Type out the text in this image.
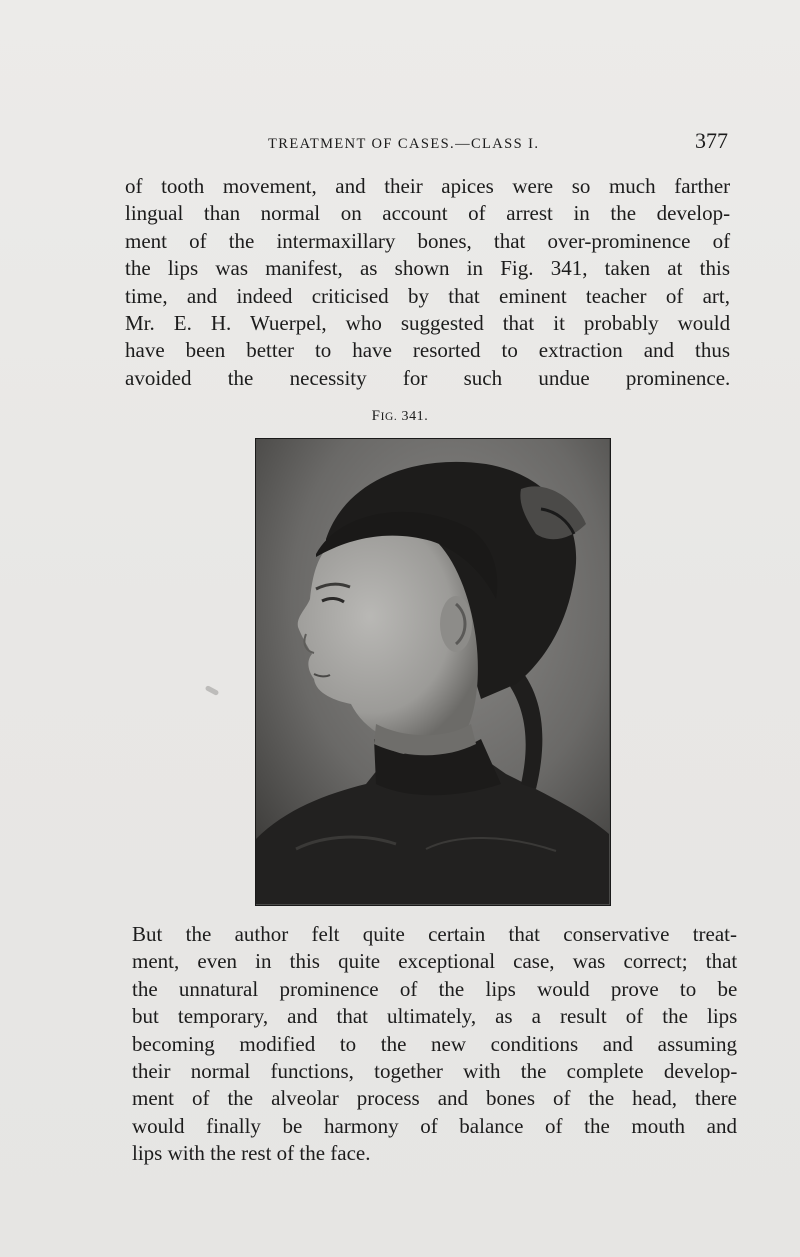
TREATMENT OF CASES.—CLASS I.	377

of tooth movement, and their apices were so much farther
lingual than normal on account of arrest in the develop-
ment of the intermaxillary bones, that over-prominence of
the lips was manifest, as shown in Fig. 341, taken at this
time, and indeed criticised by that eminent teacher of art,
Mr. E. H. Wuerpel, who suggested that it probably would
have been better to have resorted to extraction and thus
avoided the necessity for such undue prominence.

FIG. 341.

But the author felt quite certain that conservative treat-
ment, even in this quite exceptional case, was correct; that
the unnatural prominence of the lips would prove to be
but temporary, and that ultimately, as a result of the lips
becoming modified to the new conditions and assuming
their normal functions, together with the complete develop-
ment of the alveolar process and bones of the head, there
would finally be harmony of balance of the mouth and
lips with the rest of the face.
